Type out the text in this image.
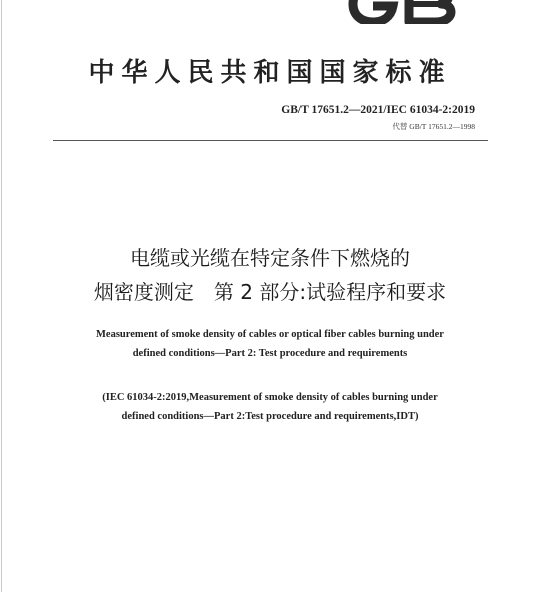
中华人民共和国国家标准
GB/T 17651.2—2021/IEC 61034-2:2019
代替 GB/T 17651.2—1998
电缆或光缆在特定条件下燃烧的
烟密度测定　第 2 部分:试验程序和要求
Measurement of smoke density of cables or optical fiber cables burning under
defined conditions—Part 2: Test procedure and requirements
(IEC 61034-2:2019,Measurement of smoke density of cables burning under
defined conditions—Part 2:Test procedure and requirements,IDT)
